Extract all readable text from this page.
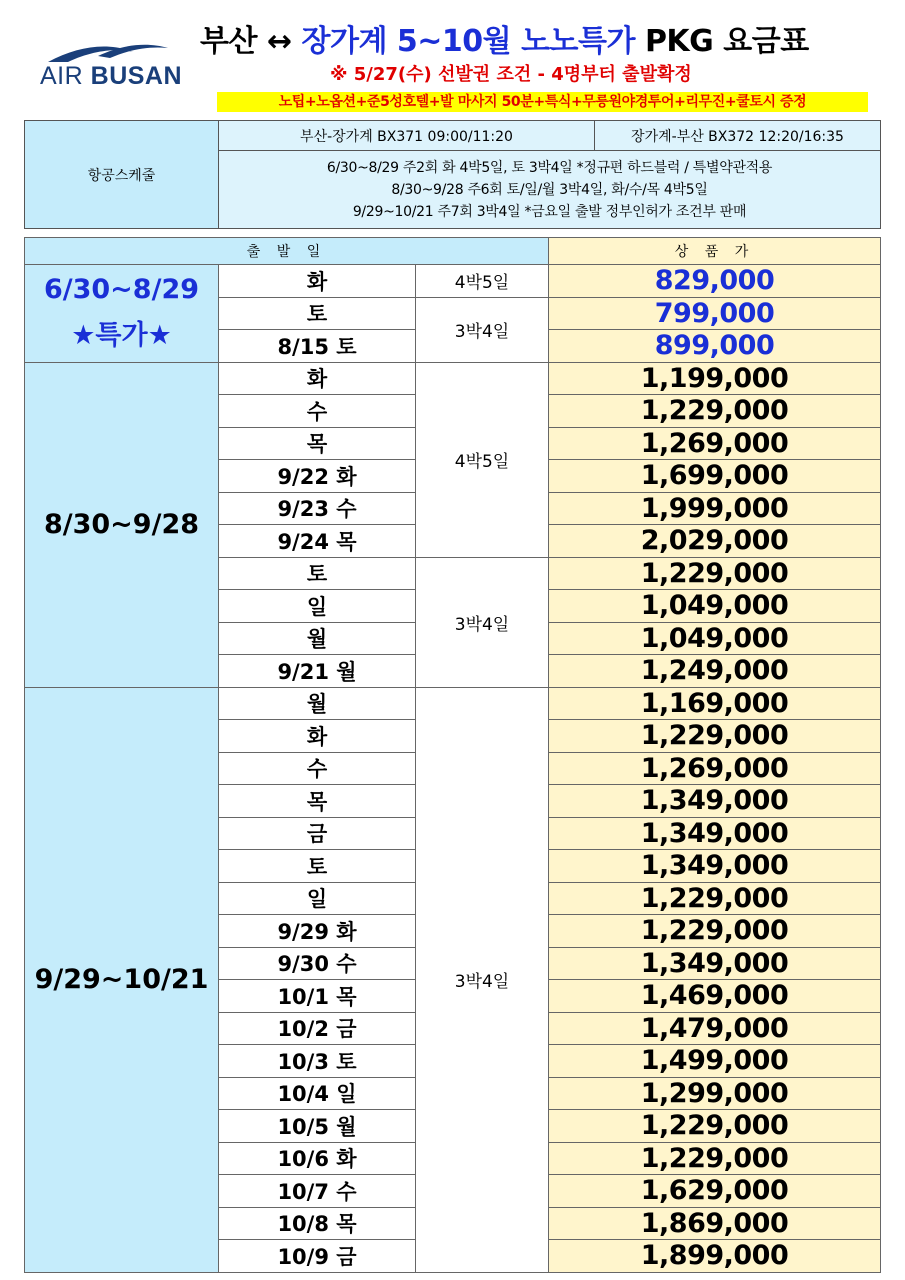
AIR BUSAN
부산 ↔ 장가계 5~10월 노노특가 PKG 요금표
※ 5/27(수) 선발권 조건 - 4명부터 출발확정
노팁+노옵션+준5성호텔+발 마사지 50분+특식+무릉원야경투어+리무진+쿨토시 증정
항공스케줄	부산-장가계 BX371 09:00/11:20	장가계-부산 BX372 12:20/16:35

6/30~8/29 주2회 화 4박5일, 토 3박4일 *정규편 하드블럭 / 특별약관적용
8/30~9/28 주6회 토/일/월 3박4일, 화/수/목 4박5일
9/29~10/21 주7회 3박4일 *금요일 출발 정부인허가 조건부 판매
출 발 일			상 품 가

6/30~8/29
★특가★	화	4박5일	829,000
	토	3박4일	799,000
	8/15 토		899,000
8/30~9/28	화	4박5일	1,199,000
	수		1,229,000
	목		1,269,000
	9/22 화		1,699,000
	9/23 수		1,999,000
	9/24 목		2,029,000
	토	3박4일	1,229,000
	일		1,049,000
	월		1,049,000
	9/21 월		1,249,000
9/29~10/21	월	3박4일	1,169,000
	화		1,229,000
	수		1,269,000
	목		1,349,000
	금		1,349,000
	토		1,349,000
	일		1,229,000
	9/29 화		1,229,000
	9/30 수		1,349,000
	10/1 목		1,469,000
	10/2 금		1,479,000
	10/3 토		1,499,000
	10/4 일		1,299,000
	10/5 월		1,229,000
	10/6 화		1,229,000
	10/7 수		1,629,000
	10/8 목		1,869,000
	10/9 금		1,899,000
